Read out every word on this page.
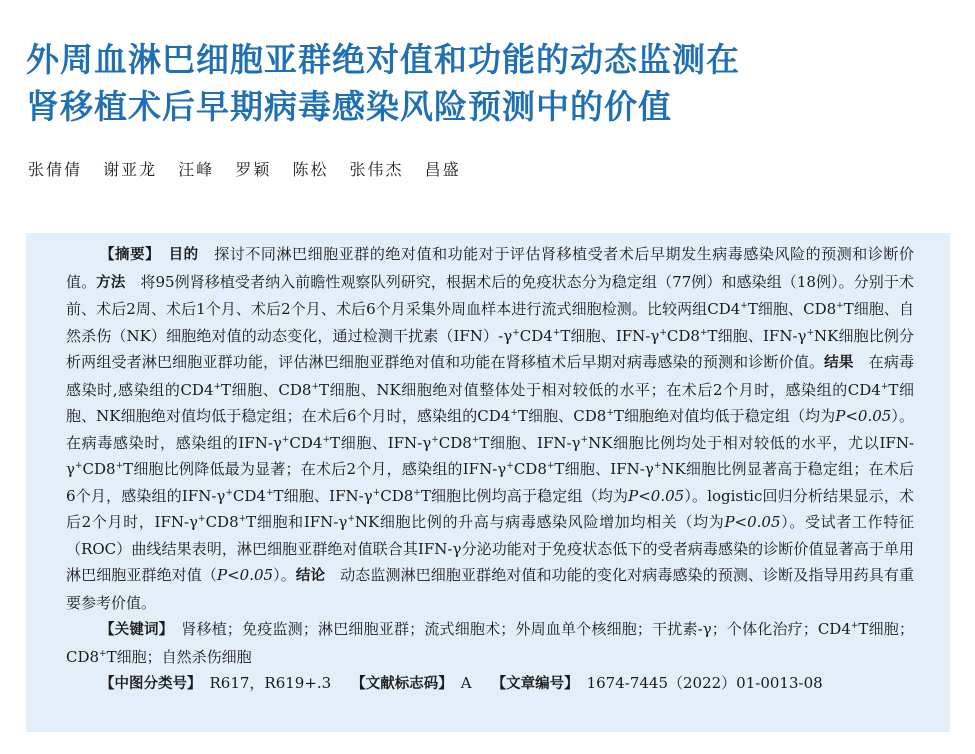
外周血淋巴细胞亚群绝对值和功能的动态监测在
肾移植术后早期病毒感染风险预测中的价值
张倩倩 谢亚龙 汪峰 罗颖 陈松 张伟杰 昌盛

【摘要】　 目的　 探讨不同淋巴细胞亚群的绝对值和功能对于评估肾移植受者术后早期发生病毒感染风险的预测和诊断价值。方法　 将95例肾移植受者纳入前瞻性观察队列研究，根据术后的免疫状态分为稳定组（77例）和感染组（18例）。分别于术前、术后2周、术后1个月、术后2个月、术后6个月采集外周血样本进行流式细胞检测。比较两组CD4+T细胞、CD8+T细胞、自然杀伤（NK）细胞绝对值的动态变化，通过检测干扰素（IFN）-γ+CD4+T细胞、IFN-γ+CD8+T细胞、IFN-γ+NK细胞比例分析两组受者淋巴细胞亚群功能，评估淋巴细胞亚群绝对值和功能在肾移植术后早期对病毒感染的预测和诊断价值。结果　 在病毒感染时,感染组的CD4+T细胞、CD8+T细胞、NK细胞绝对值整体处于相对较低的水平；在术后2个月时，感染组的CD4+T细胞、NK细胞绝对值均低于稳定组；在术后6个月时，感染组的CD4+T细胞、CD8+T细胞绝对值均低于稳定组（均为P<0.05）。在病毒感染时，感染组的IFN-γ+CD4+T细胞、IFN-γ+CD8+T细胞、IFN-γ+NK细胞比例均处于相对较低的水平，尤以IFN-γ+CD8+T细胞比例降低最为显著；在术后2个月，感染组的IFN-γ+CD8+T细胞、IFN-γ+NK细胞比例显著高于稳定组；在术后6个月，感染组的IFN-γ+CD4+T细胞、IFN-γ+CD8+T细胞比例均高于稳定组（均为P<0.05）。logistic回归分析结果显示，术后2个月时，IFN-γ+CD8+T细胞和IFN-γ+NK细胞比例的升高与病毒感染风险增加均相关（均为P<0.05）。受试者工作特征（ROC）曲线结果表明，淋巴细胞亚群绝对值联合其IFN-γ分泌功能对于免疫状态低下的受者病毒感染的诊断价值显著高于单用淋巴细胞亚群绝对值（P<0.05）。结论　 动态监测淋巴细胞亚群绝对值和功能的变化对病毒感染的预测、诊断及指导用药具有重要参考价值。

【关键词】　 肾移植；免疫监测；淋巴细胞亚群；流式细胞术；外周血单个核细胞；干扰素-γ；个体化治疗；CD4+T细胞；CD8+T细胞；自然杀伤细胞

【中图分类号】 R617，R619+.3 【文献标志码】 A 【文章编号】 1674-7445（2022）01-0013-08
